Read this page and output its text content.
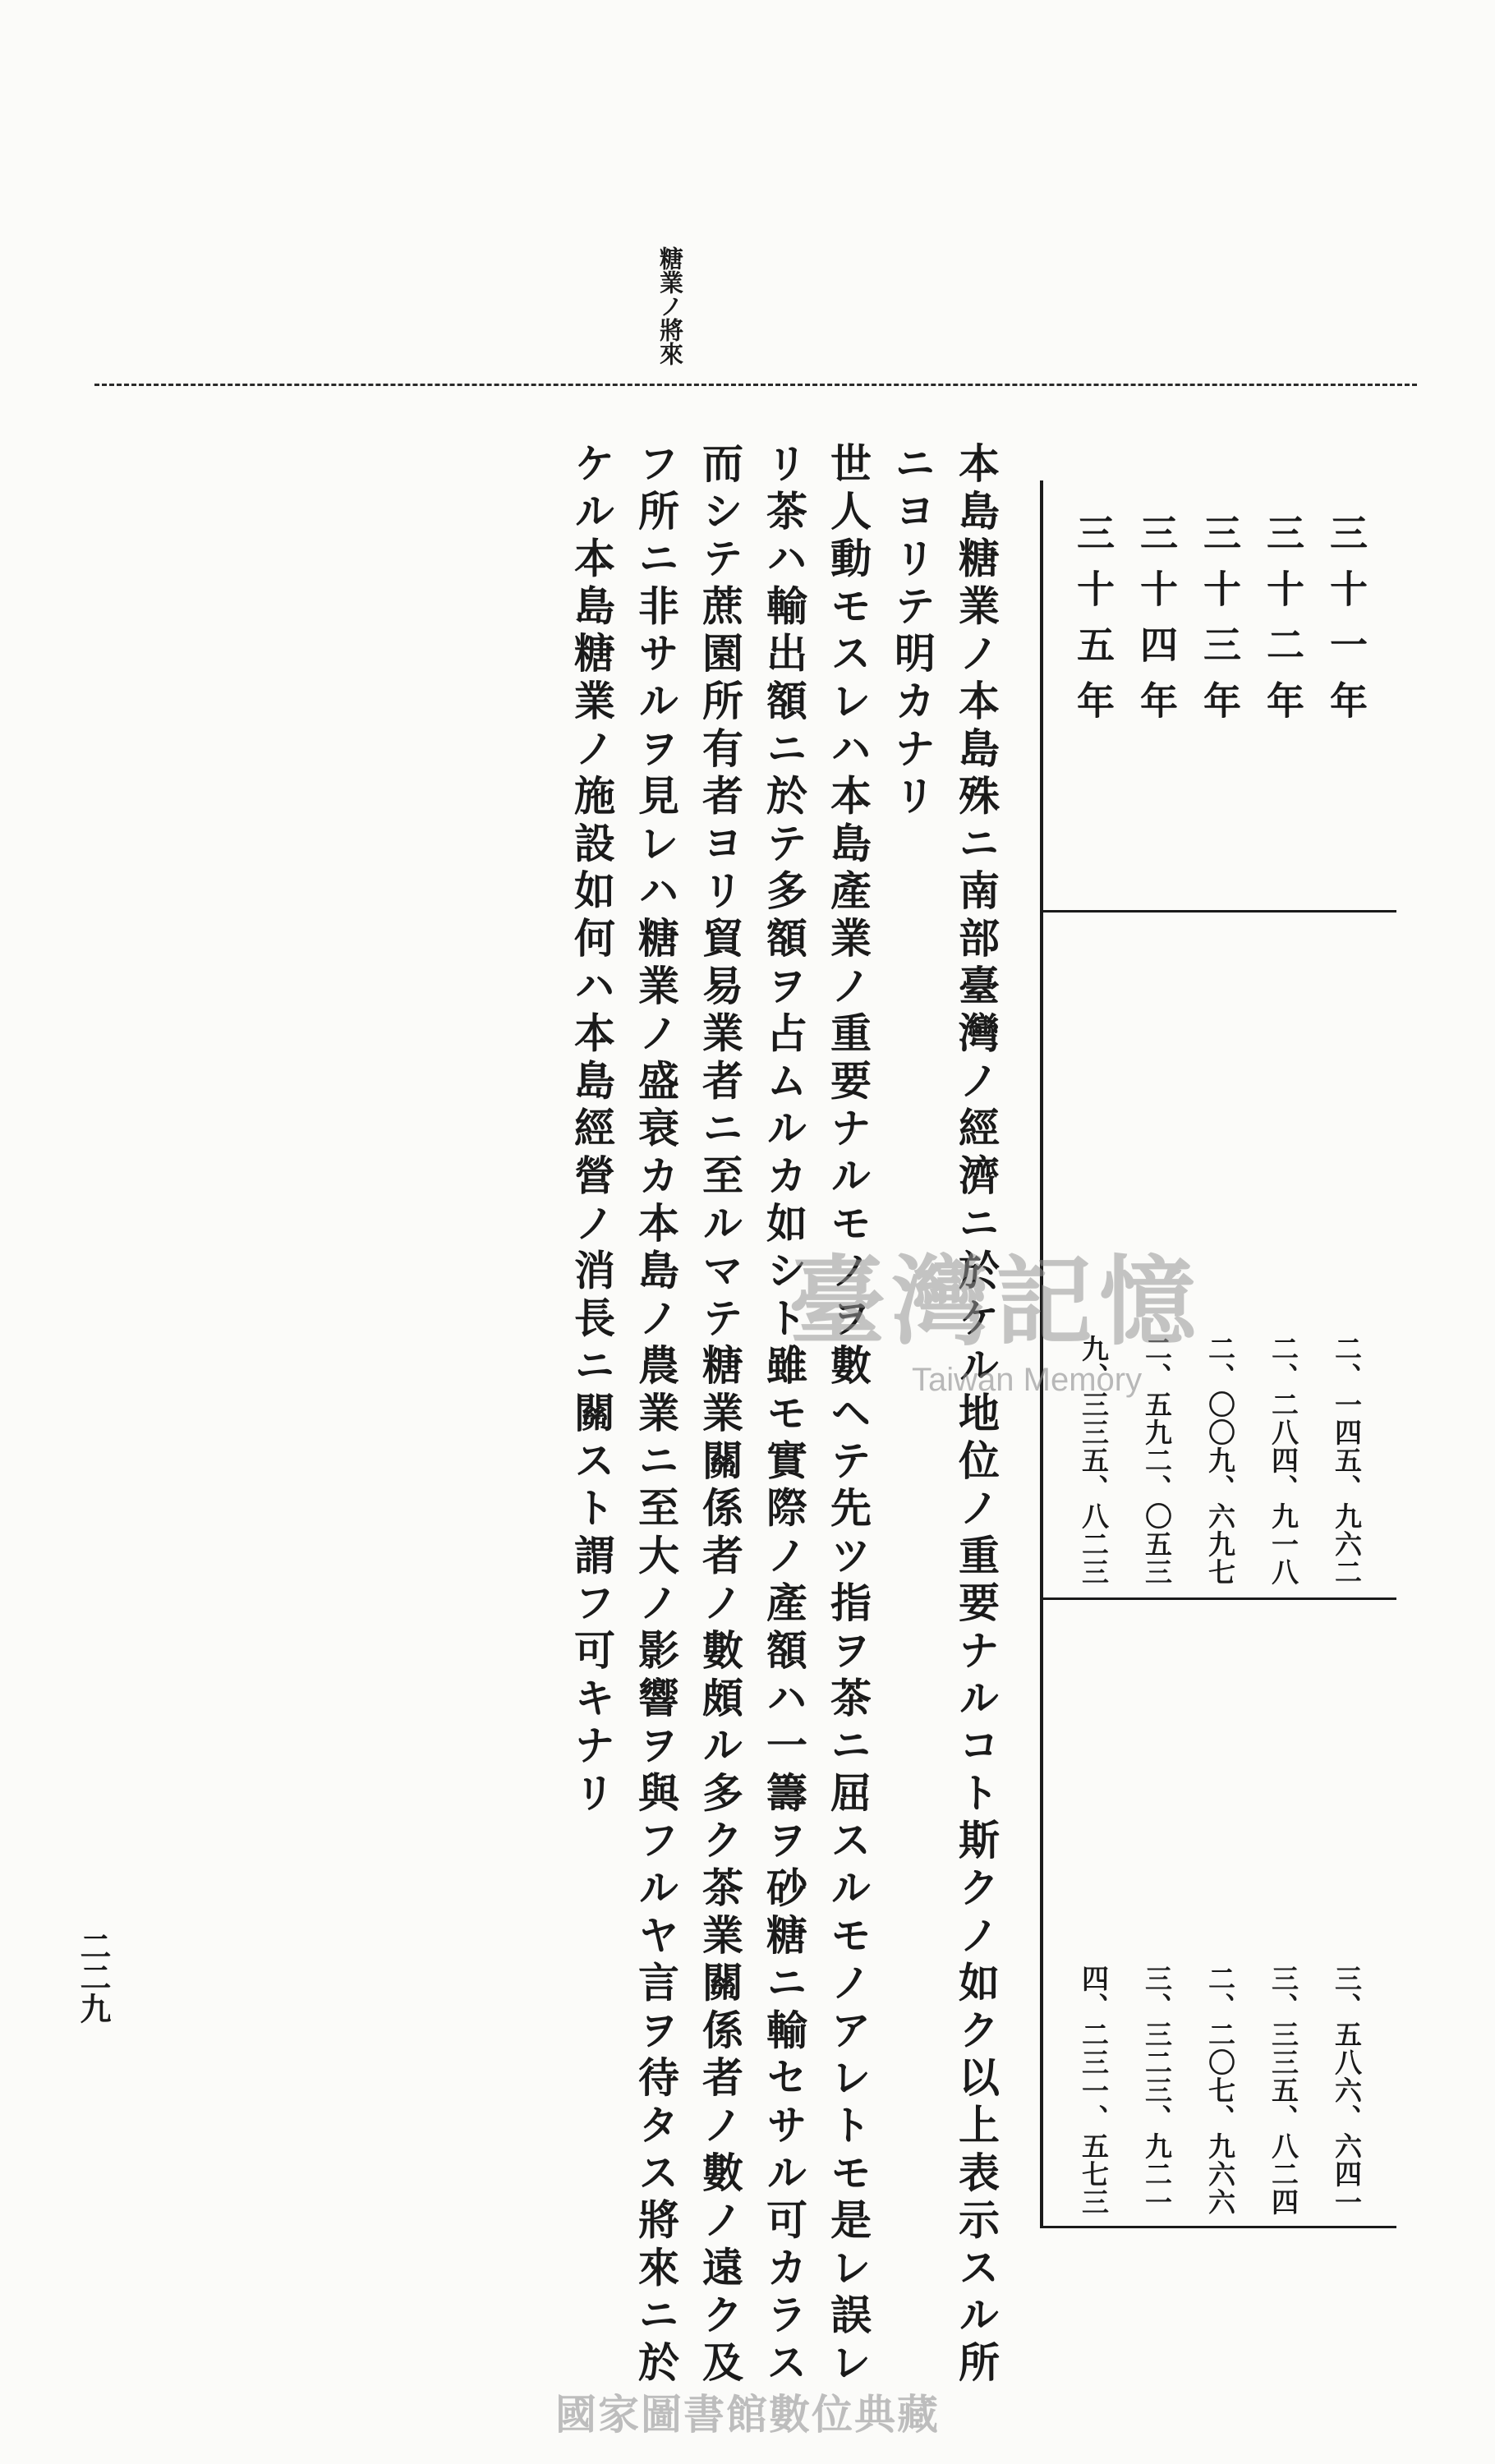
糖業ノ將來
二二九
三十一年
三十二年
三十三年
三十四年
三十五年
二、一四五、九六二
二、二八四、九一八
二、〇〇九、六九七
二、五九二、〇五三
九、三三五、八二三
三、五八六、六四一
三、三三五、八二四
二、二〇七、九六六
三、三二三、九二一
四、二三一、五七三
本島糖業ノ本島殊ニ南部臺灣ノ經濟ニ於ケル地位ノ重要ナルコト斯クノ如ク以上表示スル所
ニヨリテ明カナリ
世人動モスレハ本島產業ノ重要ナルモノヲ數ヘテ先ツ指ヲ茶ニ屈スルモノアレトモ是レ誤レ
リ茶ハ輸出額ニ於テ多額ヲ占ムルカ如シト雖モ實際ノ產額ハ一籌ヲ砂糖ニ輸セサル可カラス
而シテ蔗園所有者ヨリ貿易業者ニ至ルマテ糖業關係者ノ數頗ル多ク茶業關係者ノ數ノ遠ク及
フ所ニ非サルヲ見レハ糖業ノ盛衰カ本島ノ農業ニ至大ノ影響ヲ與フルヤ言ヲ待タス將來ニ於
ケル本島糖業ノ施設如何ハ本島經營ノ消長ニ關スト謂フ可キナリ 臺灣記憶
Taiwan Memory
國家圖書館數位典藏
